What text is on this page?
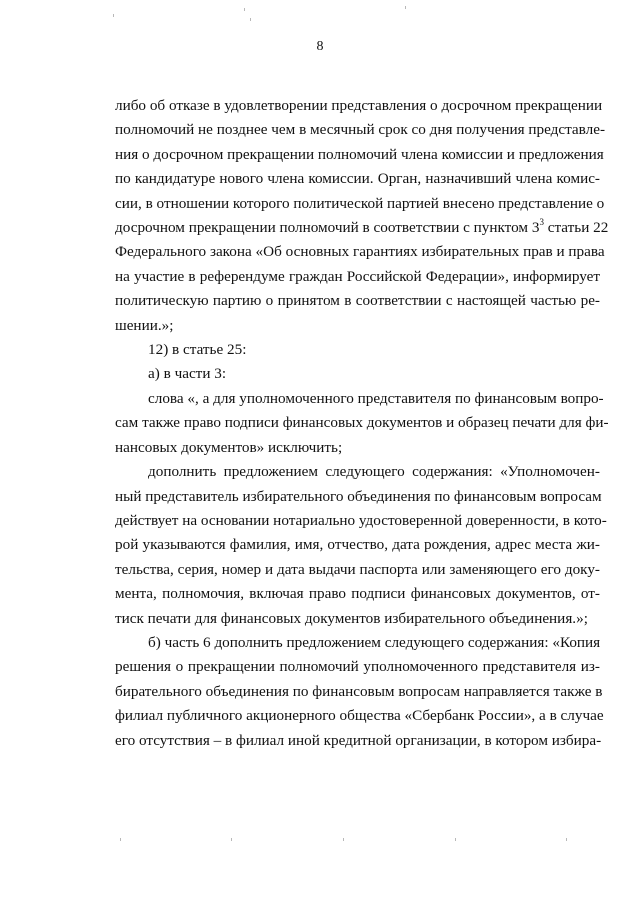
8
либо об отказе в удовлетворении представления о досрочном прекращении
полномочий не позднее чем в месячный срок со дня получения представле-
ния о досрочном прекращении полномочий члена комиссии и предложения
по кандидатуре нового члена комиссии. Орган, назначивший члена комис-
сии, в отношении которого политической партией внесено представление о
досрочном прекращении полномочий в соответствии с пунктом 3 $^3$ статьи 22
Федерального закона «Об основных гарантиях избирательных прав и права
на участие в референдуме граждан Российской Федерации», информирует
политическую партию о принятом в соответствии с настоящей частью ре-
шении.»;
12) в статье 25:
а) в части 3:
слова «, а для уполномоченного представителя по финансовым вопро-
сам также право подписи финансовых документов и образец печати для фи-
нансовых документов» исключить;
дополнить предложением следующего содержания: «Уполномочен-
ный представитель избирательного объединения по финансовым вопросам
действует на основании нотариально удостоверенной доверенности, в кото-
рой указываются фамилия, имя, отчество, дата рождения, адрес места жи-
тельства, серия, номер и дата выдачи паспорта или заменяющего его доку-
мента, полномочия, включая право подписи финансовых документов, от-
тиск печати для финансовых документов избирательного объединения.»;
б) часть 6 дополнить предложением следующего содержания: «Копия
решения о прекращении полномочий уполномоченного представителя из-
бирательного объединения по финансовым вопросам направляется также в
филиал публичного акционерного общества «Сбербанк России», а в случае
его отсутствия – в филиал иной кредитной организации, в котором избира-
